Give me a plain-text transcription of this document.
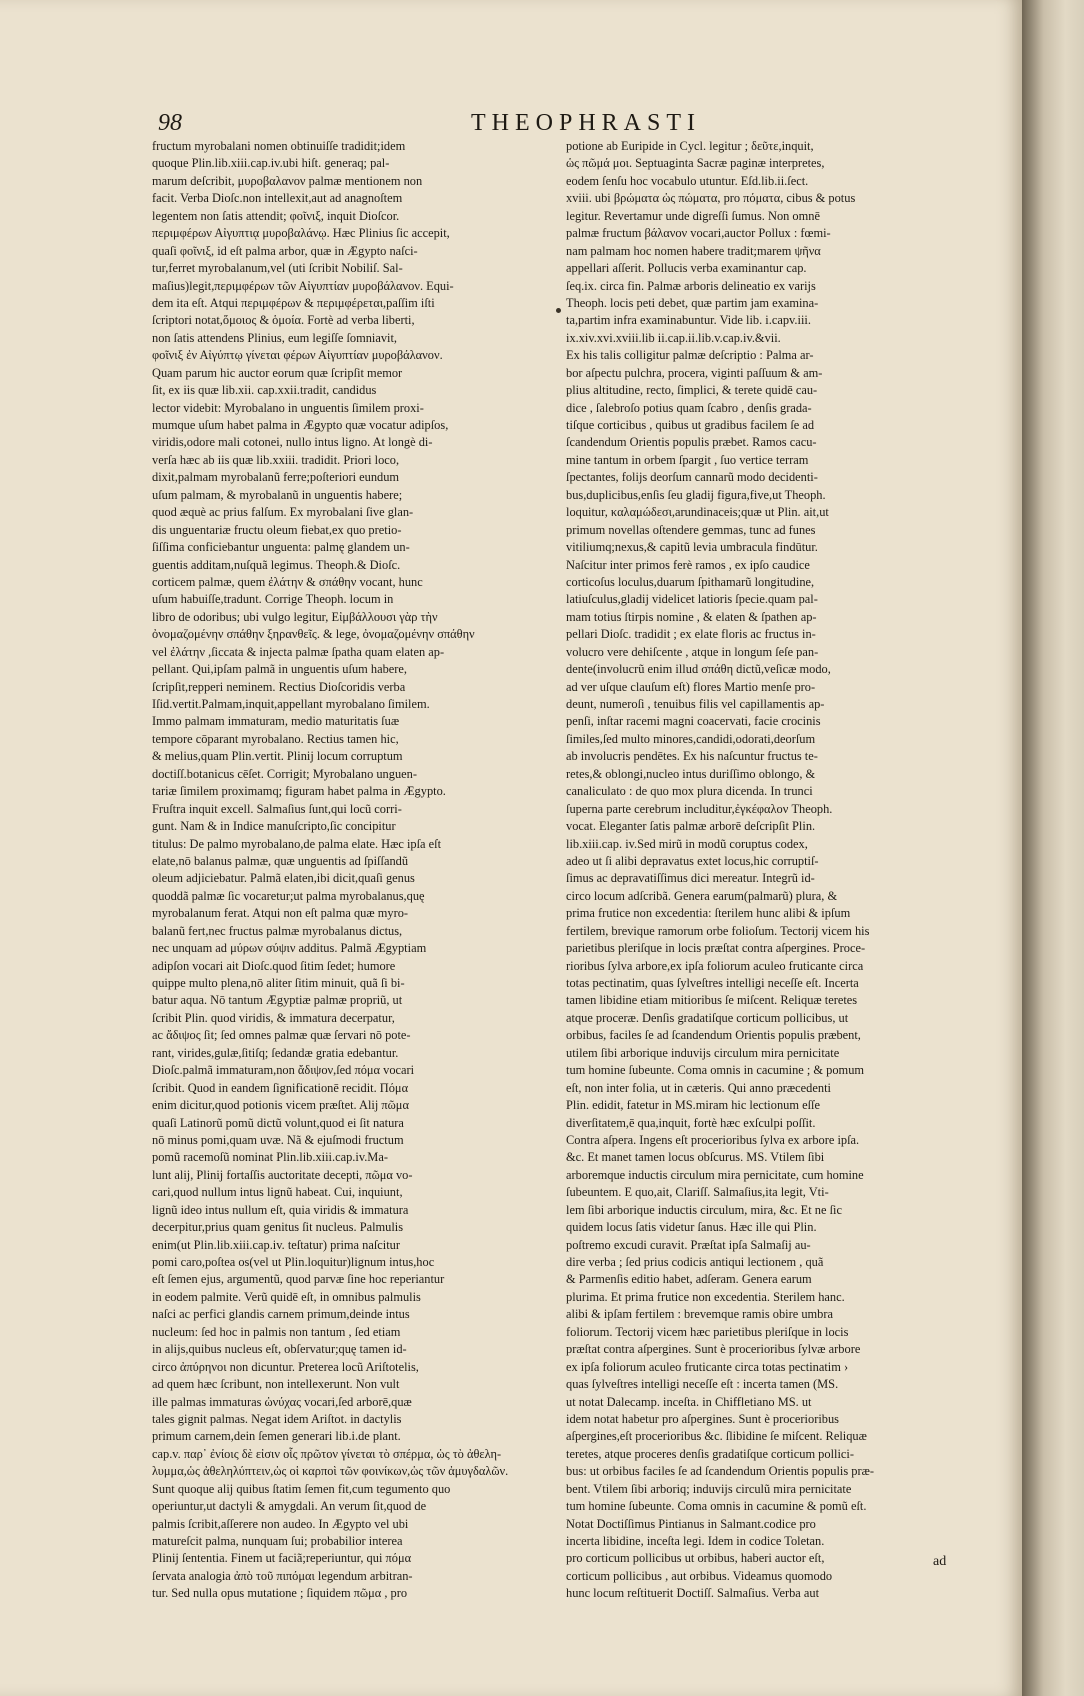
98	THEOPHRASTI
fructum myrobalani nomen obtinuiſſe tradidit;idem
quoque Plin.lib.xiii.cap.iv.ubi hiſt. generaq; pal-
marum deſcribit, μυροβαλανον palmæ mentionem non
facit. Verba Dioſc.non intellexit,aut ad anagnoſtem
legentem non ſatis attendit; φοῖνιξ, inquit Dioſcor.
περιμφέρων Αἰγυπτιᾳ μυροβαλάνῳ. Hæc Plinius ſic accepit,
quaſi φοῖνιξ, id eſt palma arbor, quæ in Ægypto naſci-
tur,ferret myrobalanum,vel (uti ſcribit Nobiliſ. Sal-
maſius)legit,περιμφέρων τῶν Αἰγυπτίαν μυροβάλανον. Equi-
dem ita eſt. Atqui περιμφέρων & περιμφέρεται,paſſim iſti
ſcriptori notat,ὅμοιος & ὁμοία. Fortè ad verba liberti,
non ſatis attendens Plinius, eum legiſſe ſomniavit,
φοῖνιξ ἐν Αἰγύπτῳ γίνεται φέρων Αἰγυπτίαν μυροβάλανον.
Quam parum hic auctor eorum quæ ſcripſit memor
ſit, ex iis quæ lib.xii. cap.xxii.tradit, candidus
lector videbit: Myrobalano in unguentis ſimilem proxi-
mumque uſum habet palma in Ægypto quæ vocatur adipſos,
viridis,odore mali cotonei, nullo intus ligno. At longè di-
verſa hæc ab iis quæ lib.xxiii. tradidit. Priori loco,
dixit,palmam myrobalanũ ferre;poſteriori eundum
uſum palmam, & myrobalanũ in unguentis habere;
quod æquè ac prius falſum. Ex myrobalani ſive glan-
dis unguentariæ fructu oleum fiebat,ex quo pretio-
ſiſſima conficiebantur unguenta: palmę glandem un-
guentis additam,nuſquã legimus. Theoph.& Dioſc.
corticem palmæ, quem ἐλάτην & σπάθην vocant, hunc
uſum habuiſſe,tradunt. Corrige Theoph. locum in
libro de odoribus; ubi vulgo legitur, Εἰμβάλλουσι γὰρ τὴν
ὀνομαζομένην σπάθην ξηρανθεῖς. & lege, ὀνομαζομένην σπάθην
vel ἐλάτην ,ſiccata & injecta palmæ ſpatha quam elaten ap-
pellant. Qui,ipſam palmã in unguentis uſum habere,
ſcripſit,repperi neminem. Rectius Dioſcoridis verba
Iſid.vertit.Palmam,inquit,appellant myrobalano ſimilem.
Immo palmam immaturam, medio maturitatis ſuæ
tempore cōparant myrobalano. Rectius tamen hic,
& melius,quam Plin.vertit. Plinij locum corruptum
doctiſſ.botanicus cēſet. Corrigit; Myrobalano unguen-
tariæ ſimilem proximamq; figuram habet palma in Ægypto.
Fruſtra inquit excell. Salmaſius ſunt,qui locũ corri-
gunt. Nam & in Indice manuſcripto,ſic concipitur
titulus: De palmo myrobalano,de palma elate. Hæc ipſa eſt
elate,nō balanus palmæ, quæ unguentis ad ſpiſſandũ
oleum adjiciebatur. Palmã elaten,ibi dicit,quaſi genus
quoddã palmæ ſic vocaretur;ut palma myrobalanus,quę
myrobalanum ferat. Atqui non eſt palma quæ myro-
balanũ fert,nec fructus palmæ myrobalanus dictus,
nec unquam ad μύρων σύψιν additus. Palmã Ægyptiam
adipſon vocari ait Dioſc.quod ſitim ſedet; humore
quippe multo plena,nō aliter ſitim minuit, quã ſi bi-
batur aqua. Nō tantum Ægyptiæ palmæ propriũ, ut
ſcribit Plin. quod viridis, & immatura decerpatur,
ac ἄδιψος ſit; ſed omnes palmæ quæ ſervari nō pote-
rant, virides,gulæ,ſitiſq; ſedandæ gratia edebantur.
Dioſc.palmã immaturam,non ἄδιψον,ſed πόμα vocari
ſcribit. Quod in eandem ſignificationē recidit. Πόμα
enim dicitur,quod potionis vicem præſtet. Alij πῶμα
quaſi Latinorũ pomũ dictũ volunt,quod ei ſit natura
nō minus pomi,quam uvæ. Nã & ejuſmodi fructum
pomũ racemoſũ nominat Plin.lib.xiii.cap.iv.Ma-
lunt alij, Plinij fortaſſis auctoritate decepti, πῶμα vo-
cari,quod nullum intus lignũ habeat. Cui, inquiunt,
lignũ ideo intus nullum eſt, quia viridis & immatura
decerpitur,prius quam genitus ſit nucleus. Palmulis
enim(ut Plin.lib.xiii.cap.iv. teſtatur) prima naſcitur
pomi caro,poſtea os(vel ut Plin.loquitur)lignum intus,hoc
eſt ſemen ejus, argumentũ, quod parvæ ſine hoc reperiantur
in eodem palmite. Verũ quidē eſt, in omnibus palmulis
naſci ac perfici glandis carnem primum,deinde intus
nucleum: ſed hoc in palmis non tantum , ſed etiam
in alijs,quibus nucleus eſt, obſervatur;quę tamen id-
circo ἀπύρηνοι non dicuntur. Preterea locũ Ariſtotelis,
ad quem hæc ſcribunt, non intellexerunt. Non vult
ille palmas immaturas ὠνύχας vocari,ſed arborē,quæ
tales gignit palmas. Negat idem Ariſtot. in dactylis
primum carnem,dein ſemen generari lib.i.de plant.
cap.v. παρ᾽ ἐνίοις δὲ εἰσιν οἷς πρῶτον γίνεται τὸ σπέρμα, ὡς τὸ ἀθελη-
λυμμα,ὡς ἀθεληλύπτειν,ὡς οἱ καρποὶ τῶν φοινίκων,ὡς τῶν ἀμυγδαλῶν.
Sunt quoque alij quibus ſtatim ſemen fit,cum tegumento quo
operiuntur,ut dactyli & amygdali. An verum ſit,quod de
palmis ſcribit,aſſerere non audeo. In Ægypto vel ubi
matureſcit palma, nunquam ſui; probabilior interea
Plinij ſententia. Finem ut faciã;reperiuntur, qui πόμα
ſervata analogia ἀπὸ τοῦ πιπόμαι legendum arbitran-
tur. Sed nulla opus mutatione ; ſiquidem πῶμα , pro
potione ab Euripide in Cycl. legitur ; δεῦτε,inquit,
ὡς πῶμά μοι. Septuaginta Sacræ paginæ interpretes,
eodem ſenſu hoc vocabulo utuntur. Eſd.lib.ii.ſect.
xviii. ubi βρώματα ὡς πώματα, pro πόματα, cibus & potus
legitur. Revertamur unde digreſſi ſumus. Non omnē
palmæ fructum βάλανον vocari,auctor Pollux : fœmi-
nam palmam hoc nomen habere tradit;marem ψῆνα
appellari aſſerit. Pollucis verba examinantur cap.
ſeq.ix. circa fin. Palmæ arboris delineatio ex varijs
Theoph. locis peti debet, quæ partim jam examina-
ta,partim infra examinabuntur. Vide lib. i.capv.iii.
ix.xiv.xvi.xviii.lib ii.cap.ii.lib.v.cap.iv.&vii.
Ex his talis colligitur palmæ deſcriptio : Palma ar-
bor aſpectu pulchra, procera, viginti paſſuum & am-
plius altitudine, recto, ſimplici, & terete quidē cau-
dice , ſalebroſo potius quam ſcabro , denſis grada-
tiſque corticibus , quibus ut gradibus facilem ſe ad
ſcandendum Orientis populis præbet. Ramos cacu-
mine tantum in orbem ſpargit , ſuo vertice terram
ſpectantes, folijs deorſum cannarũ modo decidenti-
bus,duplicibus,enſis ſeu gladij figura,five,ut Theoph.
loquitur, καλαμώδεσι,arundinaceis;quæ ut Plin. ait,ut
primum novellas oſtendere gemmas, tunc ad funes
vitiliumq;nexus,& capitũ levia umbracula findūtur.
Naſcitur inter primos ferè ramos , ex ipſo caudice
corticoſus loculus,duarum ſpithamarũ longitudine,
latiuſculus,gladij videlicet latioris ſpecie.quam pal-
mam totius ſtirpis nomine , & elaten & ſpathen ap-
pellari Dioſc. tradidit ; ex elate floris ac fructus in-
volucro vere dehiſcente , atque in longum ſeſe pan-
dente(involucrũ enim illud σπάθη dictũ,veſicæ modo,
ad ver uſque clauſum eſt) flores Martio menſe pro-
deunt, numeroſi , tenuibus filis vel capillamentis ap-
penſi, inſtar racemi magni coacervati, facie crocinis
ſimiles,ſed multo minores,candidi,odorati,deorſum
ab involucris pendētes. Ex his naſcuntur fructus te-
retes,& oblongi,nucleo intus duriſſimo oblongo, &
canaliculato : de quo mox plura dicenda. In trunci
ſuperna parte cerebrum includitur,ἐγκέφαλον Theoph.
vocat. Eleganter ſatis palmæ arborē deſcripſit Plin.
lib.xiii.cap. iv.Sed mirũ in modũ coruptus codex,
adeo ut ſi alibi depravatus extet locus,hic corruptiſ-
ſimus ac depravatiſſimus dici mereatur. Integrũ id-
circo locum adſcribã. Genera earum(palmarũ) plura, &
prima frutice non excedentia: ſterilem hunc alibi & ipſum
fertilem, brevique ramorum orbe folioſum. Tectorij vicem his
parietibus pleriſque in locis præſtat contra aſpergines. Proce-
rioribus ſylva arbore,ex ipſa foliorum aculeo fruticante circa
totas pectinatim, quas ſylveſtres intelligi neceſſe eſt. Incerta
tamen libidine etiam mitioribus ſe miſcent. Reliquæ teretes
atque proceræ. Denſis gradatiſque corticum pollicibus, ut
orbibus, faciles ſe ad ſcandendum Orientis populis præbent,
utilem ſibi arborique induvijs circulum mira pernicitate
tum homine ſubeunte. Coma omnis in cacumine ; & pomum
eſt, non inter folia, ut in cæteris. Qui anno præcedenti
Plin. edidit, fatetur in MS.miram hic lectionum eſſe
diverſitatem,ē qua,inquit, fortè hæc exſculpi poſſit.
Contra aſpera. Ingens eſt procerioribus ſylva ex arbore ipſa.
&c. Et manet tamen locus obſcurus. MS. Vtilem ſibi
arboremque inductis circulum mira pernicitate, cum homine
ſubeuntem. E quo,ait, Clariſſ. Salmaſius,ita legit, Vti-
lem ſibi arborique inductis circulum, mira, &c. Et ne ſic
quidem locus ſatis videtur ſanus. Hæc ille qui Plin.
poſtremo excudi curavit. Præſtat ipſa Salmaſij au-
dire verba ; ſed prius codicis antiqui lectionem , quã
& Parmenſis editio habet, adſeram. Genera earum
plurima. Et prima frutice non excedentia. Sterilem hanc.
alibi & ipſam fertilem : brevemque ramis obire umbra
foliorum. Tectorij vicem hæc parietibus pleriſque in locis
præſtat contra aſpergines. Sunt è procerioribus ſylvæ arbore
ex ipſa foliorum aculeo fruticante circa totas pectinatim ›
quas ſylveſtres intelligi neceſſe eſt : incerta tamen (MS.
ut notat Dalecamp. inceſta. in Chiffletiano MS. ut
idem notat habetur pro aſpergines. Sunt è procerioribus
aſpergines,eſt procerioribus &c. ſlibidine ſe miſcent. Reliquæ
teretes, atque proceres denſis gradatiſque corticum pollici-
bus: ut orbibus faciles ſe ad ſcandendum Orientis populis præ-
bent. Vtilem ſibi arboriq; induvijs circulũ mira pernicitate
tum homine ſubeunte. Coma omnis in cacumine & pomũ eſt.
Notat Doctiſſimus Pintianus in Salmant.codice pro
incerta libidine, inceſta legi. Idem in codice Toletan.
pro corticum pollicibus ut orbibus, haberi auctor eſt,
corticum pollicibus , aut orbibus. Videamus quomodo
hunc locum reſtituerit Doctiſſ. Salmaſius. Verba aut
ad
